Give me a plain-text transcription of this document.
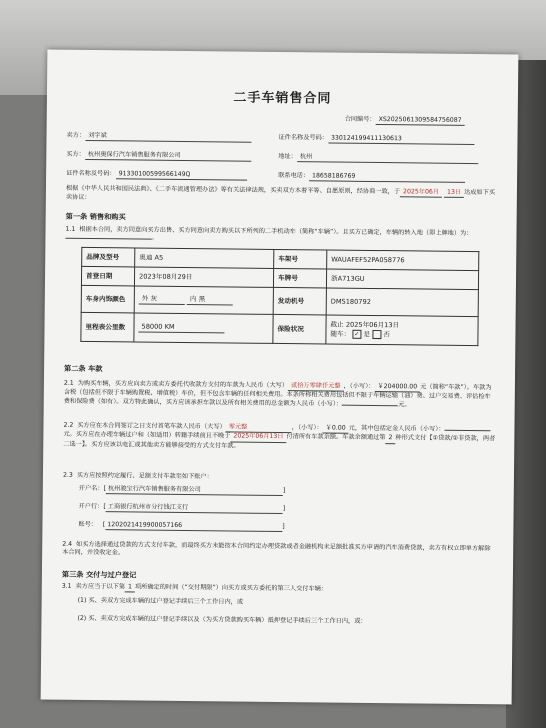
二手车销售合同
合同编号： XS20250613095847​56087
卖方： 刘宇斌	证件名称及号码： 330124199411130613
买方： 杭州奥保行汽车销售服务有限公司	地址： 杭州
证件名称及号码： 91330100599566149Q	联系电话： 18658186769
根据《中华人民共和国民法典》、《二手车流通管理办法》等有关法律法规，买卖双方本着平等、自愿原则，经协商一致，于 2025年06月 13日 达成如下买卖协议：
第一条 销售和购买
1.1 根据本合同，卖方同意向买方出售、买方同意向卖方购买以下所列的二手机动车（简称“车辆”）。且买方已确定，车辆的转入地（即上牌地）为：。
品牌及型号	奥迪 A5	车架号	WAUAFEF52PA058776
首登日期	2023年08月29日	车牌号	浙A713GU
车身内饰颜色	外 灰 内 黑	发动机号	DMS180792
里程表公里数	58000 KM	保险状况	截止 2025年06月13日
随车： ✓ 是 否
第二条 车款
2.1 为购买车辆，买方应向卖方或卖方委托代收款方支付的车款为人民币（大写） 贰拾万零肆仟元整 ，（小写）： ￥204000.00 元（简称“车款”）。车款为含税（包括但不限于车辆购置税、增值税）车价，但不包含车辆的任何相关费用。本条所称相关费用包括但不限于车辆运输（油）费、过户交易费、评估检车费和保险费（如有）。双方特此确认，买方应该承担车款以及所有相关费用的总金额为人民币（小写）：	元。
2.2 买方应在本合同签订之日支付首笔车款人民币（大写） 零元整	，（小写）： ￥0.00 元，其中包括定金人民币（小写）：元。买方应在办理车辆过户和（如适用）转籍手续前且不晚于 2025年06月13日 付清所有车款余额。车款余额通过第 2 种形式支付【①贷款/②非贷款，两者二选一】。买方应该以电汇或其他卖方能够接受的方式支付车款。
2.3 买方应按照约定履行、足额支付车款至如下账户：
开户名：[ 杭州骏宝行汽车销售服务有限公司	]
开户行：[ 工商银行杭州市分行钱江支行	]
账号：   [ 1202021419900057166	]
2.4 如买方选择通过贷款的方式支付车款，而最终买方未能按本合同约定办理贷款或者金融机构未足额批准买方申请的汽车消费贷款，卖方有权立即单方解除本合同，并没收定金。
第三条 交付与过户登记
3.1 卖方应当于以下第 1 项所确定的时间（“交付期限”）向买方或买方委托的第三人交付车辆：
(1) 买、卖双方完成车辆的过户登记手续后三个工作日内，或
(2) 买、卖双方完成车辆的过户登记手续以及（为买方贷款购买车辆）抵押登记手续后三个工作日内，或：
